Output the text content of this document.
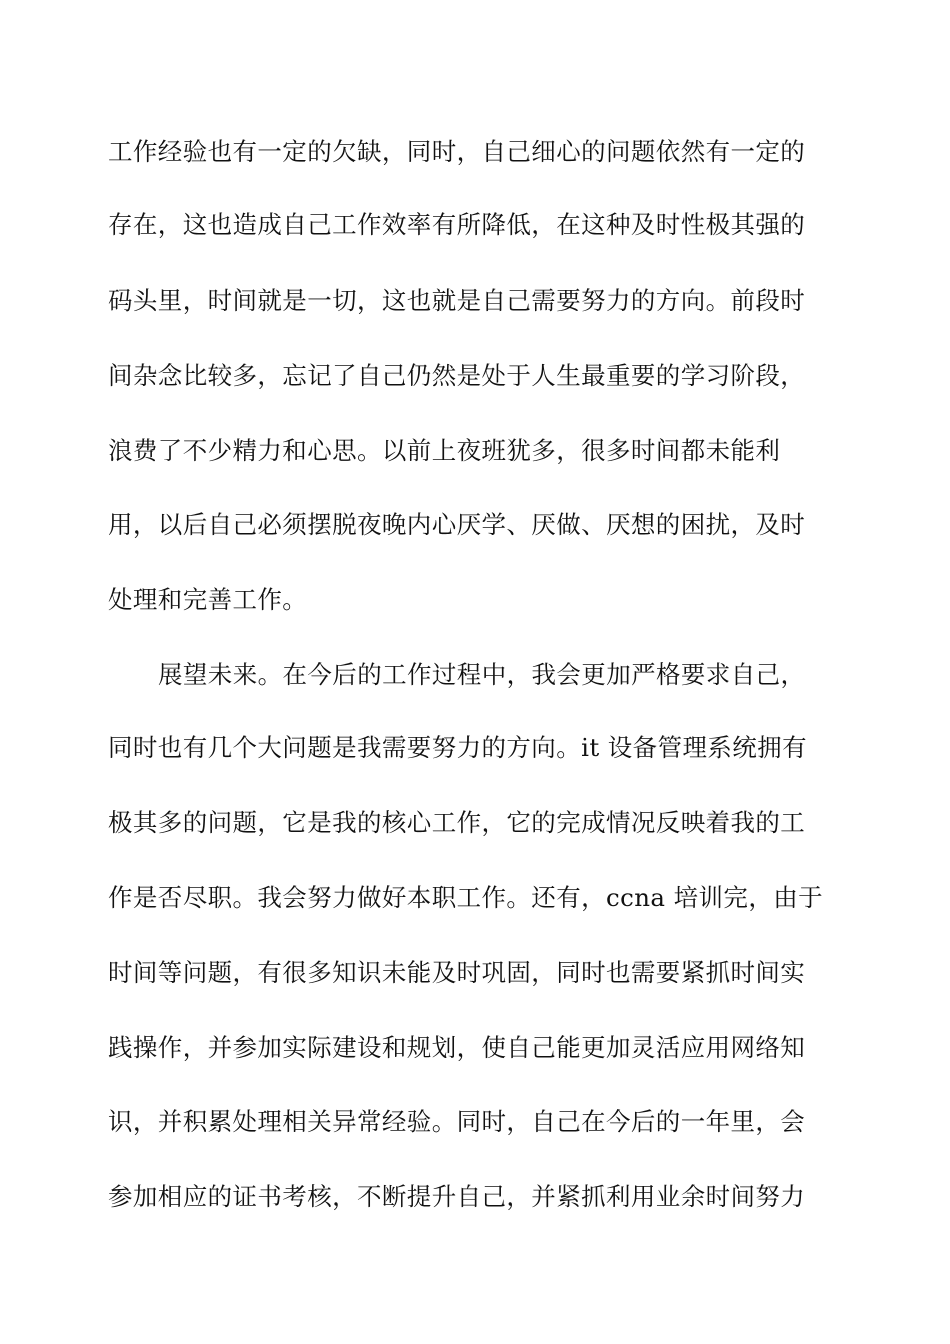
工作经验也有一定的欠缺，同时，自己细心的问题依然有一定的
存在，这也造成自己工作效率有所降低，在这种及时性极其强的
码头里，时间就是一切，这也就是自己需要努力的方向。前段时
间杂念比较多，忘记了自己仍然是处于人生最重要的学习阶段，
浪费了不少精力和心思。以前上夜班犹多，很多时间都未能利
用，以后自己必须摆脱夜晚内心厌学、厌做、厌想的困扰，及时
处理和完善工作。
展望未来。在今后的工作过程中，我会更加严格要求自己，
同时也有几个大问题是我需要努力的方向。it 设备管理系统拥有
极其多的问题，它是我的核心工作，它的完成情况反映着我的工
作是否尽职。我会努力做好本职工作。还有，ccna 培训完，由于
时间等问题，有很多知识未能及时巩固，同时也需要紧抓时间实
践操作，并参加实际建设和规划，使自己能更加灵活应用网络知
识，并积累处理相关异常经验。同时，自己在今后的一年里，会
参加相应的证书考核，不断提升自己，并紧抓利用业余时间努力
